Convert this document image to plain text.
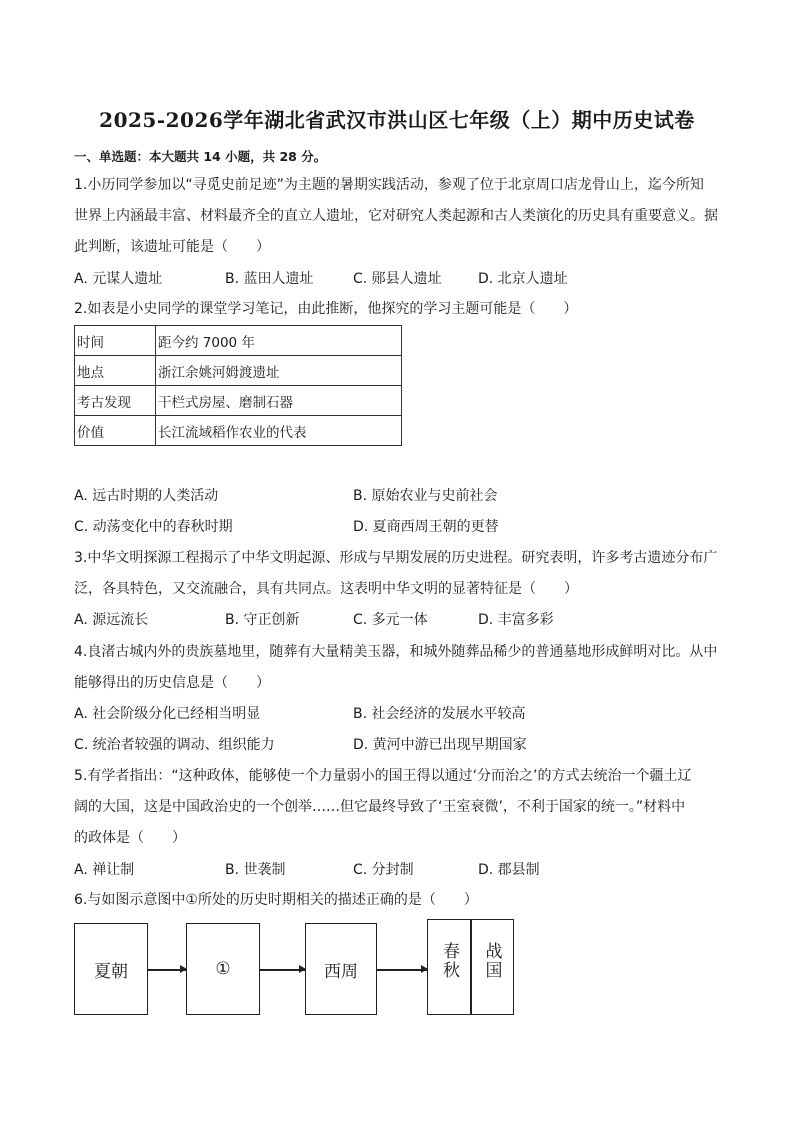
2025-2026学年湖北省武汉市洪山区七年级（上）期中历史试卷
一、单选题：本大题共 14 小题，共 28 分。
1.小历同学参加以“寻觅史前足迹”为主题的暑期实践活动，参观了位于北京周口店龙骨山上，迄今所知
世界上内涵最丰富、材料最齐全的直立人遗址，它对研究人类起源和古人类演化的历史具有重要意义。据
此判断，该遗址可能是（　　）
A. 元谋人遗址	B. 蓝田人遗址	C. 郧县人遗址	D. 北京人遗址
2.如表是小史同学的课堂学习笔记，由此推断，他探究的学习主题可能是（　　）
时间	距今约 7000 年
地点	浙江余姚河姆渡遗址
考古发现	干栏式房屋、磨制石器
价值	长江流域稻作农业的代表
A. 远古时期的人类活动	B. 原始农业与史前社会
C. 动荡变化中的春秋时期	D. 夏商西周王朝的更替
3.中华文明探源工程揭示了中华文明起源、形成与早期发展的历史进程。研究表明，许多考古遗迹分布广
泛，各具特色，又交流融合，具有共同点。这表明中华文明的显著特征是（　　）
A. 源远流长	B. 守正创新	C. 多元一体	D. 丰富多彩
4.良渚古城内外的贵族墓地里，随葬有大量精美玉器，和城外随葬品稀少的普通墓地形成鲜明对比。从中
能够得出的历史信息是（　　）
A. 社会阶级分化已经相当明显	B. 社会经济的发展水平较高
C. 统治者较强的调动、组织能力	D. 黄河中游已出现早期国家
5.有学者指出：“这种政体，能够使一个力量弱小的国王得以通过‘分而治之’的方式去统治一个疆土辽
阔的大国，这是中国政治史的一个创举……但它最终导致了‘王室衰微’，不利于国家的统一。”材料中
的政体是（　　）
A. 禅让制	B. 世袭制	C. 分封制	D. 郡县制
6.与如图示意图中①所处的历史时期相关的描述正确的是（　　）
夏朝	①	西周	春秋 战国
